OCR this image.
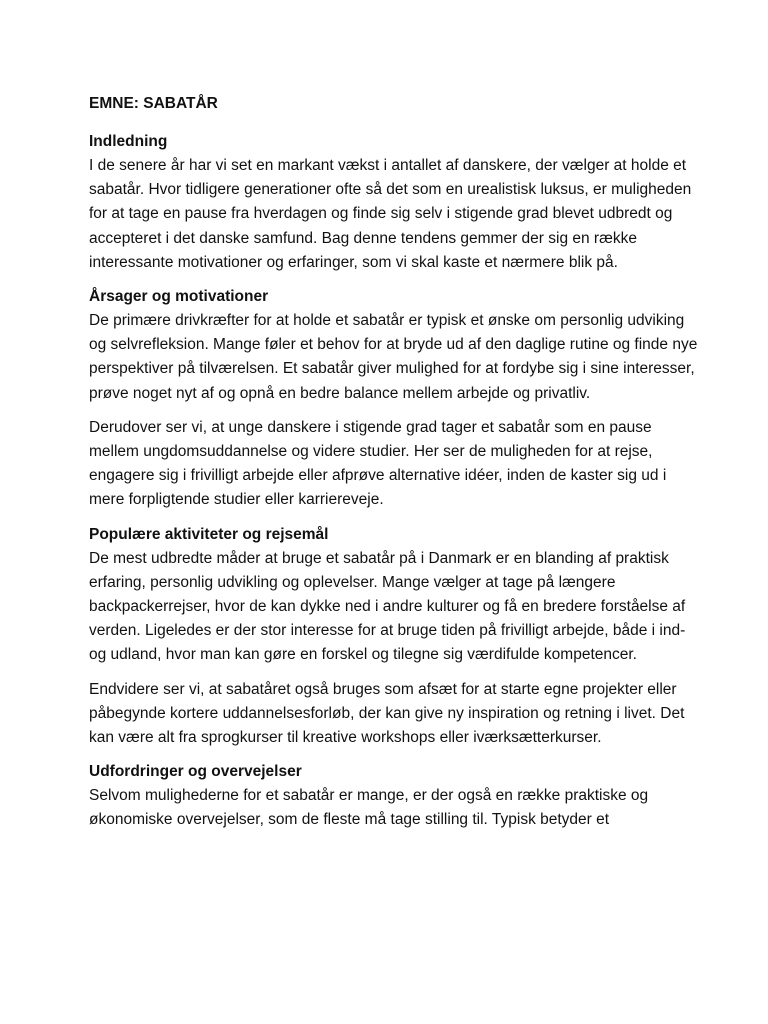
EMNE: SABATÅR

Indledning

I de senere år har vi set en markant vækst i antallet af danskere, der vælger at holde et sabatår. Hvor tidligere generationer ofte så det som en urealistisk luksus, er muligheden for at tage en pause fra hverdagen og finde sig selv i stigende grad blevet udbredt og accepteret i det danske samfund. Bag denne tendens gemmer der sig en række interessante motivationer og erfaringer, som vi skal kaste et nærmere blik på.

Årsager og motivationer

De primære drivkræfter for at holde et sabatår er typisk et ønske om personlig udviking og selvrefleksion. Mange føler et behov for at bryde ud af den daglige rutine og finde nye perspektiver på tilværelsen. Et sabatår giver mulighed for at fordybe sig i sine interesser, prøve noget nyt af og opnå en bedre balance mellem arbejde og privatliv.

Derudover ser vi, at unge danskere i stigende grad tager et sabatår som en pause mellem ungdomsuddannelse og videre studier. Her ser de muligheden for at rejse, engagere sig i frivilligt arbejde eller afprøve alternative idéer, inden de kaster sig ud i mere forpligtende studier eller karriereveje.

Populære aktiviteter og rejsemål

De mest udbredte måder at bruge et sabatår på i Danmark er en blanding af praktisk erfaring, personlig udvikling og oplevelser. Mange vælger at tage på længere backpackerrejser, hvor de kan dykke ned i andre kulturer og få en bredere forståelse af verden. Ligeledes er der stor interesse for at bruge tiden på frivilligt arbejde, både i ind- og udland, hvor man kan gøre en forskel og tilegne sig værdifulde kompetencer.

Endvidere ser vi, at sabatåret også bruges som afsæt for at starte egne projekter eller påbegynde kortere uddannelsesforløb, der kan give ny inspiration og retning i livet. Det kan være alt fra sprogkurser til kreative workshops eller iværksætterkurser.

Udfordringer og overvejelser

Selvom mulighederne for et sabatår er mange, er der også en række praktiske og økonomiske overvejelser, som de fleste må tage stilling til. Typisk betyder et
